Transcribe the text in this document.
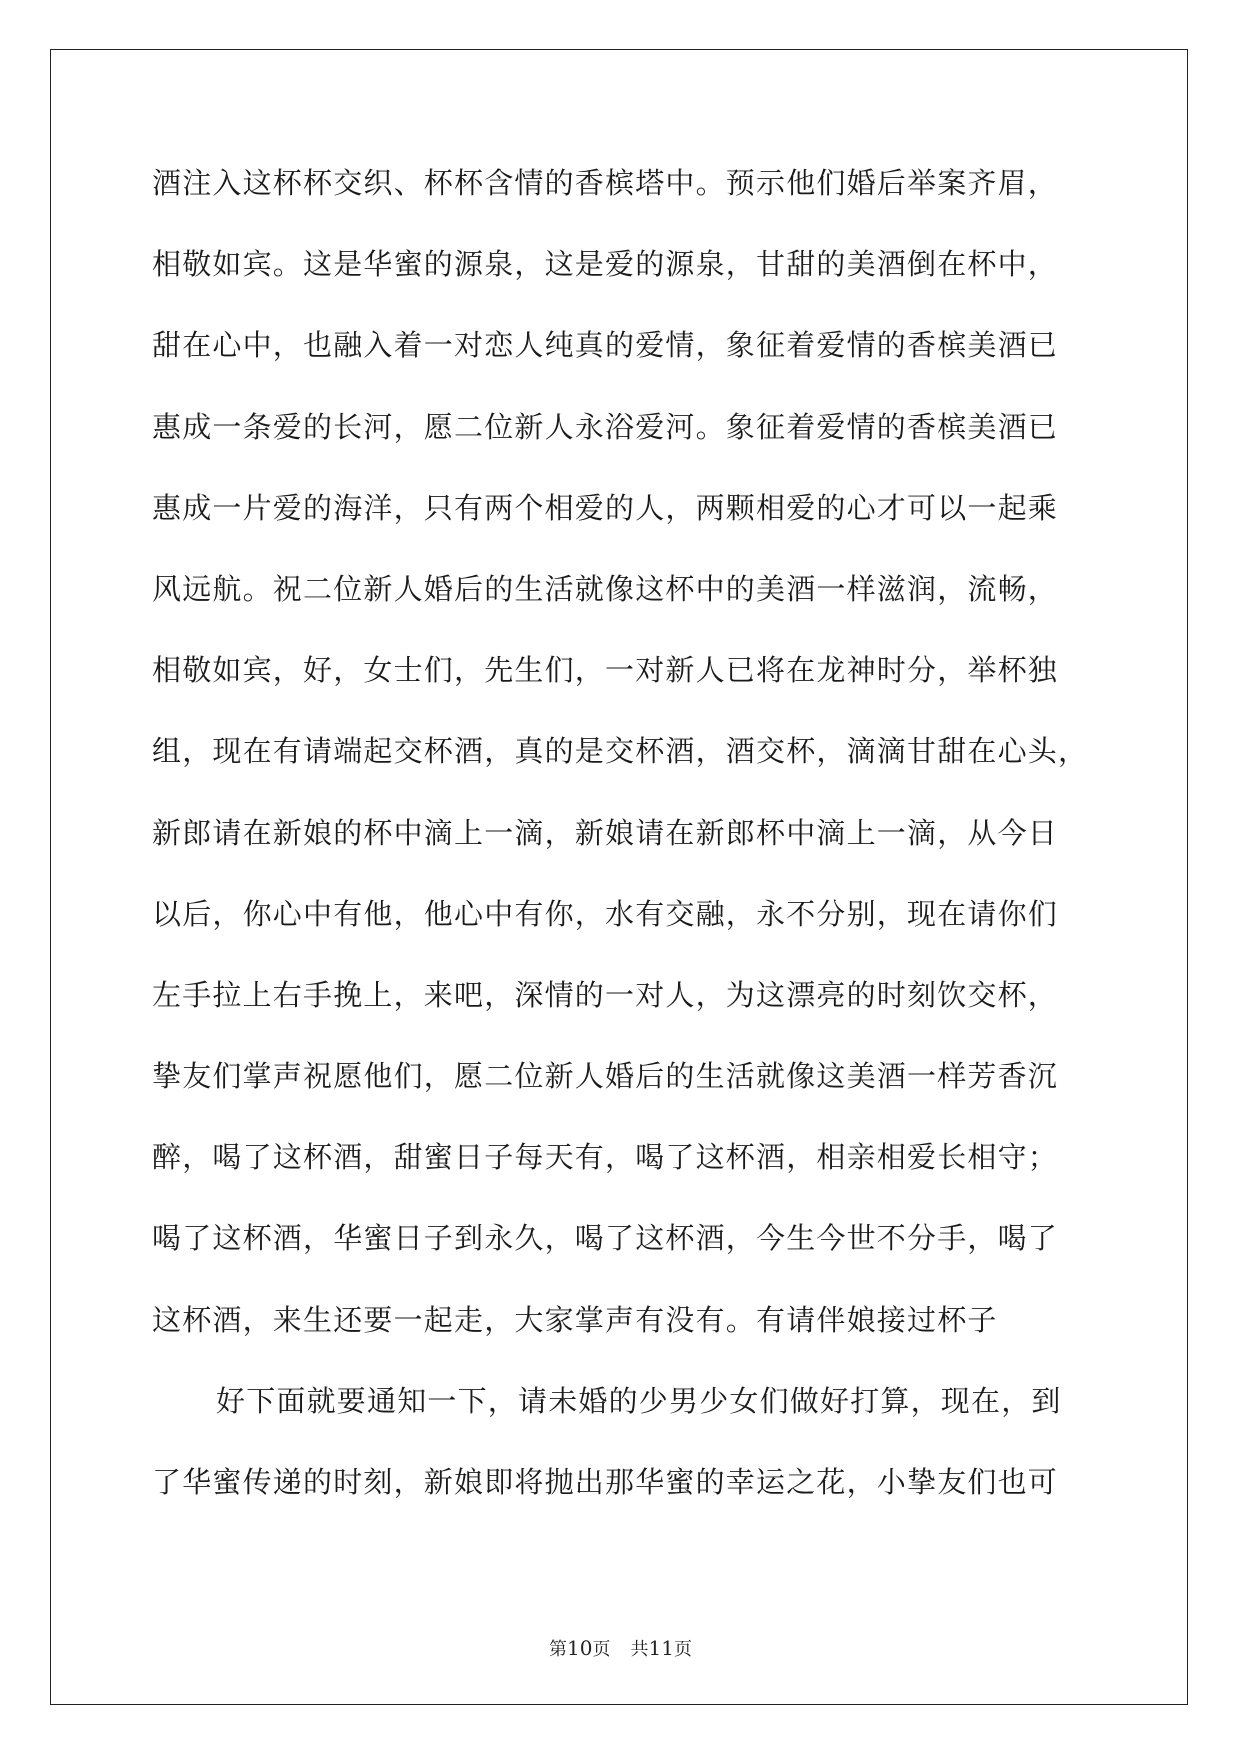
酒注入这杯杯交织、杯杯含情的香槟塔中。预示他们婚后举案齐眉，
相敬如宾。这是华蜜的源泉，这是爱的源泉，甘甜的美酒倒在杯中，
甜在心中，也融入着一对恋人纯真的爱情，象征着爱情的香槟美酒已
惠成一条爱的长河，愿二位新人永浴爱河。象征着爱情的香槟美酒已
惠成一片爱的海洋，只有两个相爱的人，两颗相爱的心才可以一起乘
风远航。祝二位新人婚后的生活就像这杯中的美酒一样滋润，流畅，
相敬如宾，好，女士们，先生们，一对新人已将在龙神时分，举杯独
组，现在有请端起交杯酒，真的是交杯酒，酒交杯，滴滴甘甜在心头，
新郎请在新娘的杯中滴上一滴，新娘请在新郎杯中滴上一滴，从今日
以后，你心中有他，他心中有你，水有交融，永不分别，现在请你们
左手拉上右手挽上，来吧，深情的一对人，为这漂亮的时刻饮交杯，
挚友们掌声祝愿他们，愿二位新人婚后的生活就像这美酒一样芳香沉
醉，喝了这杯酒，甜蜜日子每天有，喝了这杯酒，相亲相爱长相守；
喝了这杯酒，华蜜日子到永久，喝了这杯酒，今生今世不分手，喝了
这杯酒，来生还要一起走，大家掌声有没有。有请伴娘接过杯子
好下面就要通知一下，请未婚的少男少女们做好打算，现在，到
了华蜜传递的时刻，新娘即将抛出那华蜜的幸运之花，小挚友们也可
第10页 共11页
